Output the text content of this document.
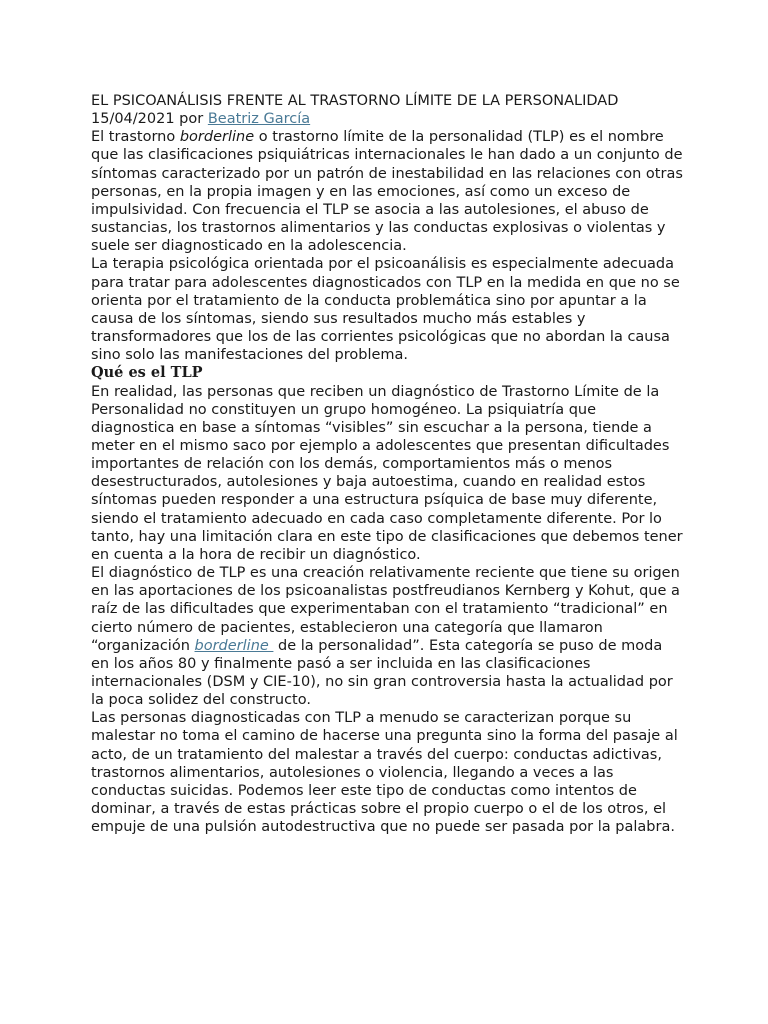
EL PSICOANÁLISIS FRENTE AL TRASTORNO LÍMITE DE LA PERSONALIDAD

15/04/2021 por Beatriz García

El trastorno borderline o trastorno límite de la personalidad (TLP) es el nombre que las clasificaciones psiquiátricas internacionales le han dado a un conjunto de síntomas caracterizado por un patrón de inestabilidad en las relaciones con otras personas, en la propia imagen y en las emociones, así como un exceso de impulsividad. Con frecuencia el TLP se asocia a las autolesiones, el abuso de sustancias, los trastornos alimentarios y las conductas explosivas o violentas y suele ser diagnosticado en la adolescencia.

La terapia psicológica orientada por el psicoanálisis es especialmente adecuada para tratar para adolescentes diagnosticados con TLP en la medida en que no se orienta por el tratamiento de la conducta problemática sino por apuntar a la causa de los síntomas, siendo sus resultados mucho más estables y transformadores que los de las corrientes psicológicas que no abordan la causa sino solo las manifestaciones del problema.

Qué es el TLP

En realidad, las personas que reciben un diagnóstico de Trastorno Límite de la Personalidad no constituyen un grupo homogéneo. La psiquiatría que diagnostica en base a síntomas “visibles” sin escuchar a la persona, tiende a meter en el mismo saco por ejemplo a adolescentes que presentan dificultades importantes de relación con los demás, comportamientos más o menos desestructurados, autolesiones y baja autoestima, cuando en realidad estos síntomas pueden responder a una estructura psíquica de base muy diferente, siendo el tratamiento adecuado en cada caso completamente diferente. Por lo tanto, hay una limitación clara en este tipo de clasificaciones que debemos tener en cuenta a la hora de recibir un diagnóstico.

El diagnóstico de TLP es una creación relativamente reciente que tiene su origen en las aportaciones de los psicoanalistas postfreudianos Kernberg y Kohut, que a raíz de las dificultades que experimentaban con el tratamiento “tradicional” en cierto número de pacientes, establecieron una categoría que llamaron “organización borderline  de la personalidad”. Esta categoría se puso de moda en los años 80 y finalmente pasó a ser incluida en las clasificaciones internacionales (DSM y CIE-10), no sin gran controversia hasta la actualidad por la poca solidez del constructo.

Las personas diagnosticadas con TLP a menudo se caracterizan porque su malestar no toma el camino de hacerse una pregunta sino la forma del pasaje al acto, de un tratamiento del malestar a través del cuerpo: conductas adictivas, trastornos alimentarios, autolesiones o violencia, llegando a veces a las conductas suicidas. Podemos leer este tipo de conductas como intentos de dominar, a través de estas prácticas sobre el propio cuerpo o el de los otros, el empuje de una pulsión autodestructiva que no puede ser pasada por la palabra.
